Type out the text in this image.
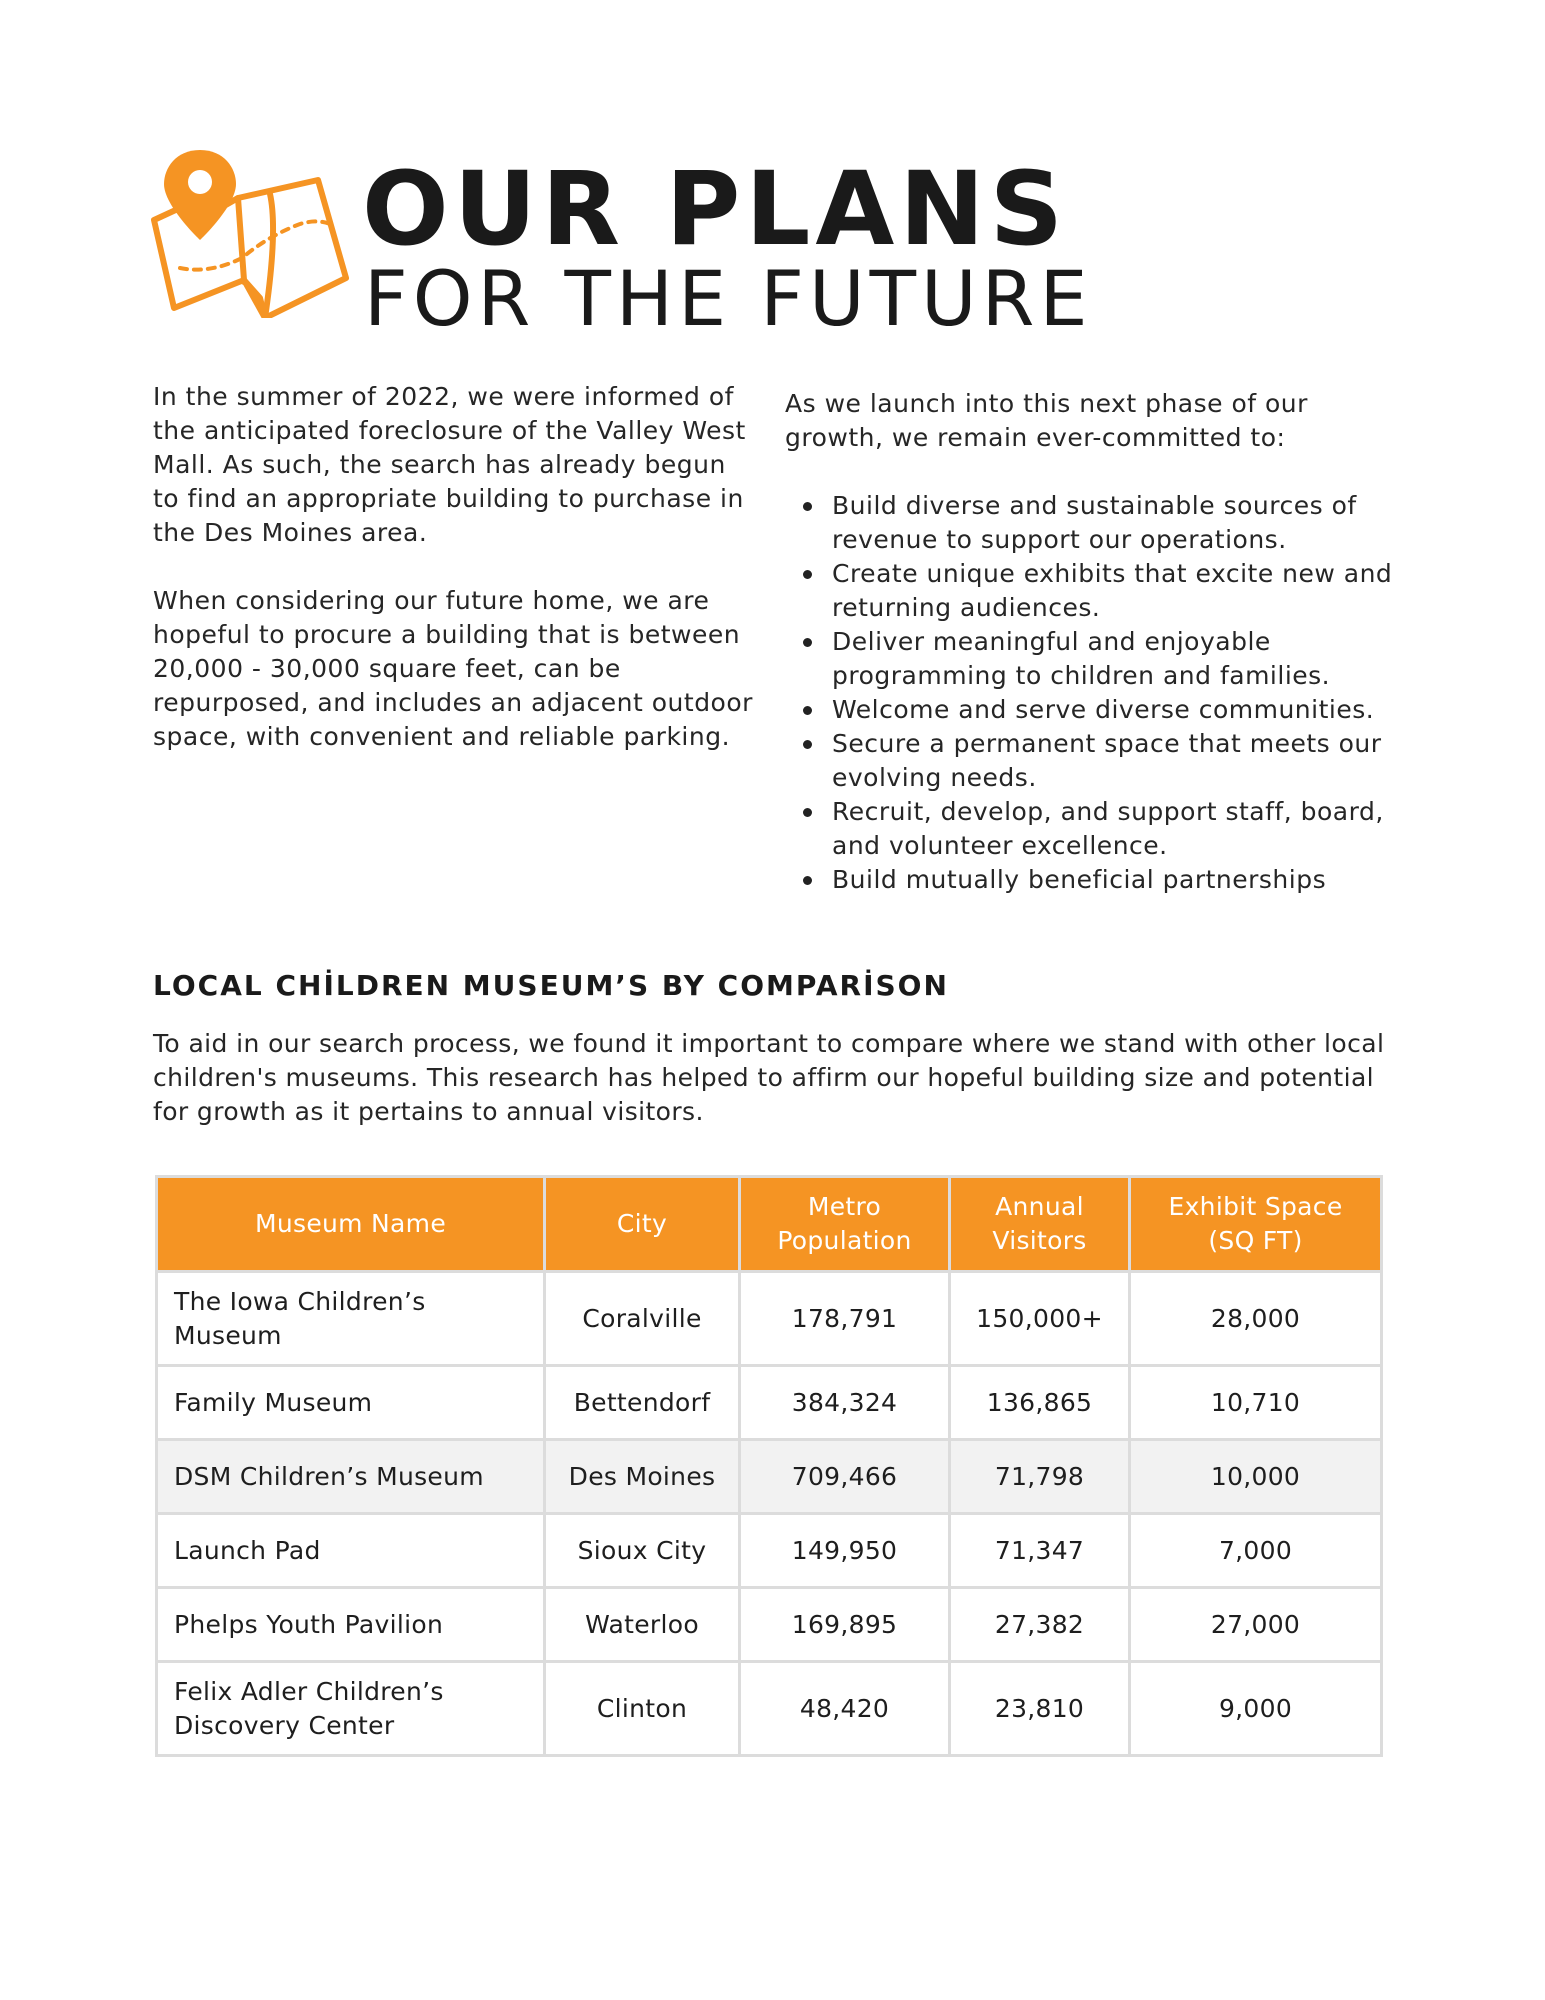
OUR PLANS
FOR THE FUTURE

In the summer of 2022, we were informed of the anticipated foreclosure of the Valley West Mall. As such, the search has already begun to find an appropriate building to purchase in the Des Moines area.

When considering our future home, we are hopeful to procure a building that is between 20,000 - 30,000 square feet, can be repurposed, and includes an adjacent outdoor space, with convenient and reliable parking.

As we launch into this next phase of our growth, we remain ever-committed to:

Build diverse and sustainable sources of revenue to support our operations.
Create unique exhibits that excite new and returning audiences.
Deliver meaningful and enjoyable programming to children and families.
Welcome and serve diverse communities.
Secure a permanent space that meets our evolving needs.
Recruit, develop, and support staff, board, and volunteer excellence.
Build mutually beneficial partnerships
LOCAL CHİLDREN MUSEUM’S BY COMPARİSON

To aid in our search process, we found it important to compare where we stand with other local children's museums. This research has helped to affirm our hopeful building size and potential for growth as it pertains to annual visitors.

Museum Name	City	Metro Population	Annual Visitors	Exhibit Space (SQ FT)
The Iowa Children’s Museum	Coralville	178,791	150,000+	28,000
Family Museum	Bettendorf	384,324	136,865	10,710
DSM Children’s Museum	Des Moines	709,466	71,798	10,000
Launch Pad	Sioux City	149,950	71,347	7,000
Phelps Youth Pavilion	Waterloo	169,895	27,382	27,000
Felix Adler Children’s Discovery Center	Clinton	48,420	23,810	9,000
